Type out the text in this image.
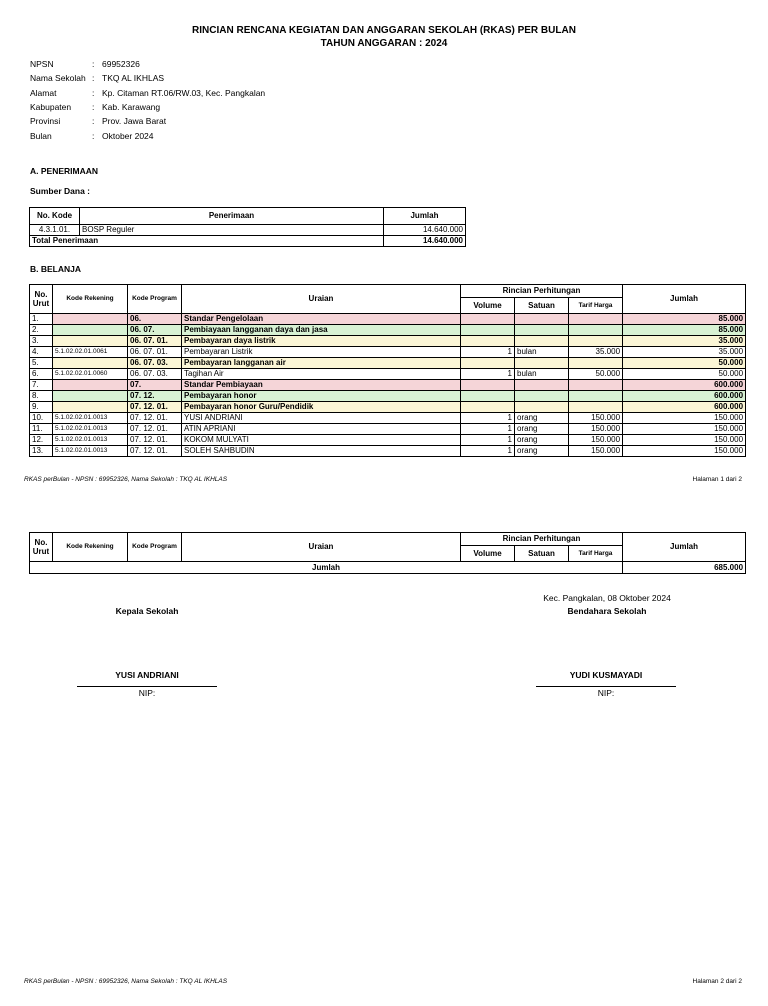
RINCIAN RENCANA KEGIATAN DAN ANGGARAN SEKOLAH (RKAS) PER BULAN
TAHUN ANGGARAN : 2024
NPSN	: 69952326
Nama Sekolah : TKQ AL IKHLAS
Alamat	: Kp. Citaman RT.06/RW.03, Kec. Pangkalan
Kabupaten	: Kab. Karawang
Provinsi	: Prov. Jawa Barat
Bulan	: Oktober 2024
A. PENERIMAAN
Sumber Dana :
No. Kode	Penerimaan	Jumlah
4.3.1.01.	BOSP Reguler	14.640.000
Total Penerimaan		14.640.000
B. BELANJA
No. Urut	Kode Rekening	Kode Program	Uraian	Rincian Perhitungan			Jumlah
				Volume	Satuan	Tarif Harga	
1.		06.	Standar Pengelolaan				85.000
2.		06. 07.	Pembiayaan langganan daya dan jasa				85.000
3.		06. 07. 01.	Pembayaran daya listrik				35.000
4.	5.1.02.02.01.0061	06. 07. 01.	Pembayaran Listrik	1	bulan	35.000	35.000
5.		06. 07. 03.	Pembayaran langganan air				50.000
6.	5.1.02.02.01.0060	06. 07. 03.	Tagihan Air	1	bulan	50.000	50.000
7.		07.	Standar Pembiayaan				600.000
8.		07. 12.	Pembayaran honor				600.000
9.		07. 12. 01.	Pembayaran honor Guru/Pendidik				600.000
10.	5.1.02.02.01.0013	07. 12. 01.	YUSI ANDRIANI	1	orang	150.000	150.000
11.	5.1.02.02.01.0013	07. 12. 01.	ATIN APRIANI	1	orang	150.000	150.000
12.	5.1.02.02.01.0013	07. 12. 01.	KOKOM MULYATI	1	orang	150.000	150.000
13.	5.1.02.02.01.0013	07. 12. 01.	SOLEH SAHBUDIN	1	orang	150.000	150.000
RKAS perBulan - NPSN : 69952326, Nama Sekolah : TKQ AL IKHLAS	Halaman 1 dari 2
No. Urut	Kode Rekening	Kode Program	Uraian	Rincian Perhitungan			Jumlah
				Volume	Satuan	Tarif Harga	
Jumlah							685.000
Kec. Pangkalan, 08 Oktober 2024
Kepala Sekolah	Bendahara Sekolah
YUSI ANDRIANI	YUDI KUSMAYADI
NIP:	NIP:
RKAS perBulan - NPSN : 69952326, Nama Sekolah : TKQ AL IKHLAS	Halaman 2 dari 2
